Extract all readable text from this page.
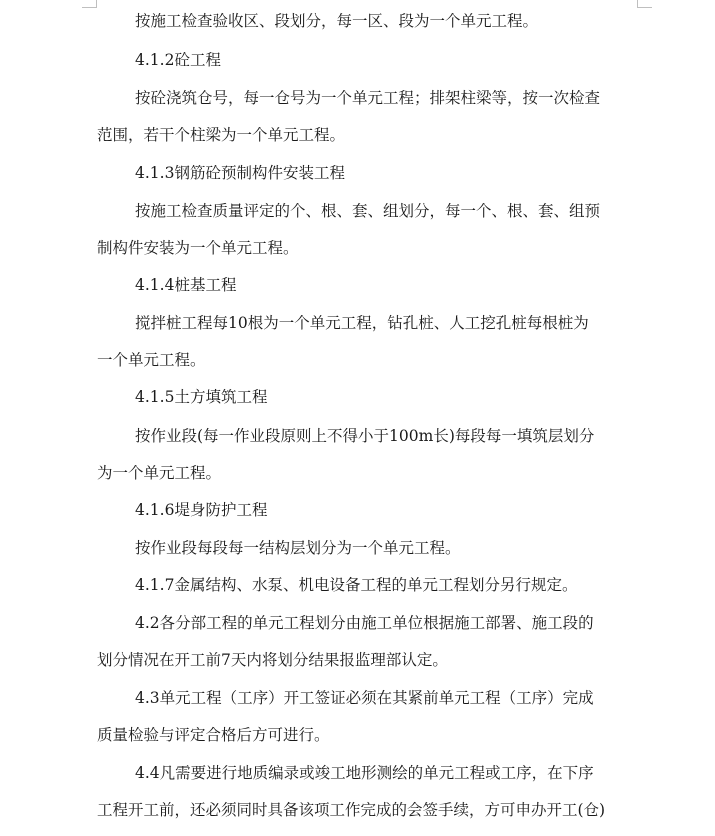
按施工检查验收区、段划分，每一区、段为一个单元工程。
4.1.2砼工程
按砼浇筑仓号，每一仓号为一个单元工程；排架柱梁等，按一次检查
范围，若干个柱梁为一个单元工程。
4.1.3钢筋砼预制构件安装工程
按施工检查质量评定的个、根、套、组划分，每一个、根、套、组预
制构件安装为一个单元工程。
4.1.4桩基工程
搅拌桩工程每10根为一个单元工程，钻孔桩、人工挖孔桩每根桩为
一个单元工程。
4.1.5土方填筑工程
按作业段(每一作业段原则上不得小于100m长)每段每一填筑层划分
为一个单元工程。
4.1.6堤身防护工程
按作业段每段每一结构层划分为一个单元工程。
4.1.7金属结构、水泵、机电设备工程的单元工程划分另行规定。
4.2各分部工程的单元工程划分由施工单位根据施工部署、施工段的
划分情况在开工前7天内将划分结果报监理部认定。
4.3单元工程（工序）开工签证必须在其紧前单元工程（工序）完成
质量检验与评定合格后方可进行。
4.4凡需要进行地质编录或竣工地形测绘的单元工程或工序，在下序
工程开工前，还必须同时具备该项工作完成的会签手续，方可申办开工(仓)
